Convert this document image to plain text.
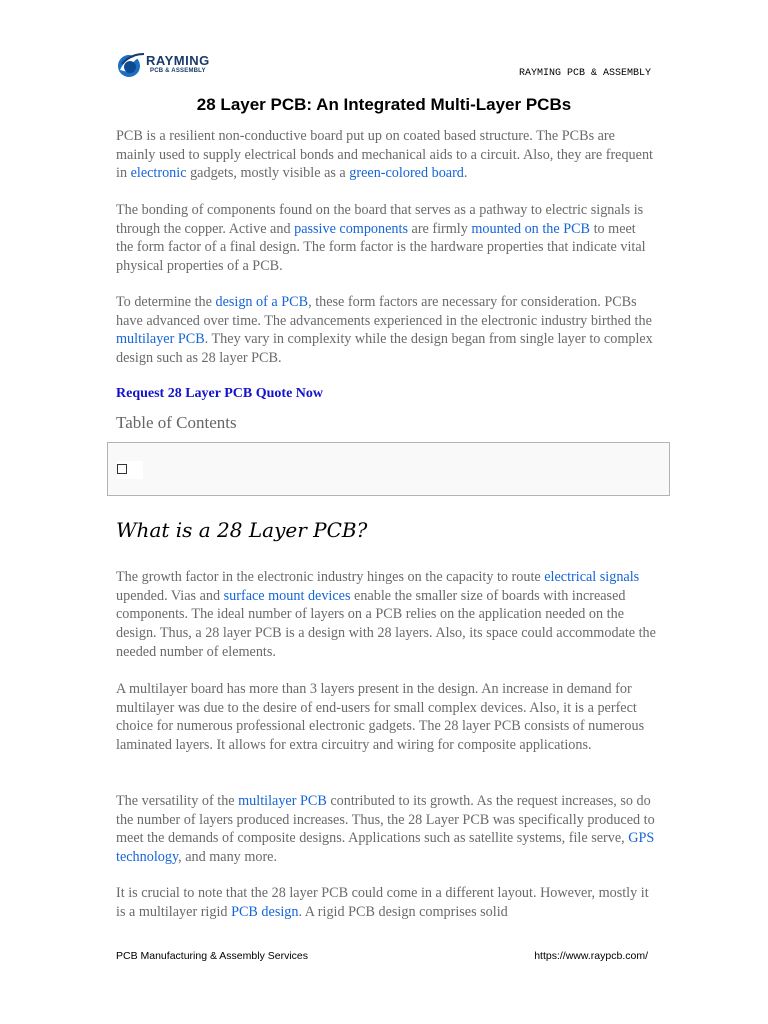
RAYMING
PCB & ASSEMBLY	RAYMING PCB & ASSEMBLY
28 Layer PCB: An Integrated Multi-Layer PCBs

PCB is a resilient non-conductive board put up on coated based structure. The PCBs are mainly used to supply electrical bonds and mechanical aids to a circuit. Also, they are frequent in electronic gadgets, mostly visible as a green-colored board.

The bonding of components found on the board that serves as a pathway to electric signals is through the copper. Active and passive components are firmly mounted on the PCB to meet the form factor of a final design. The form factor is the hardware properties that indicate vital physical properties of a PCB.

To determine the design of a PCB, these form factors are necessary for consideration. PCBs have advanced over time. The advancements experienced in the electronic industry birthed the multilayer PCB. They vary in complexity while the design began from single layer to complex design such as 28 layer PCB.

Request 28 Layer PCB Quote Now
Table of Contents
What is a 28 Layer PCB?

The growth factor in the electronic industry hinges on the capacity to route electrical signals upended. Vias and surface mount devices enable the smaller size of boards with increased components. The ideal number of layers on a PCB relies on the application needed on the design. Thus, a 28 layer PCB is a design with 28 layers. Also, its space could accommodate the needed number of elements.

A multilayer board has more than 3 layers present in the design. An increase in demand for multilayer was due to the desire of end-users for small complex devices. Also, it is a perfect choice for numerous professional electronic gadgets. The 28 layer PCB consists of numerous laminated layers. It allows for extra circuitry and wiring for composite applications.

The versatility of the multilayer PCB contributed to its growth. As the request increases, so do the number of layers produced increases. Thus, the 28 Layer PCB was specifically produced to meet the demands of composite designs. Applications such as satellite systems, file serve, GPS technology, and many more.

It is crucial to note that the 28 layer PCB could come in a different layout. However, mostly it is a multilayer rigid PCB design. A rigid PCB design comprises solid

PCB Manufacturing & Assembly Services	https://www.raypcb.com/
